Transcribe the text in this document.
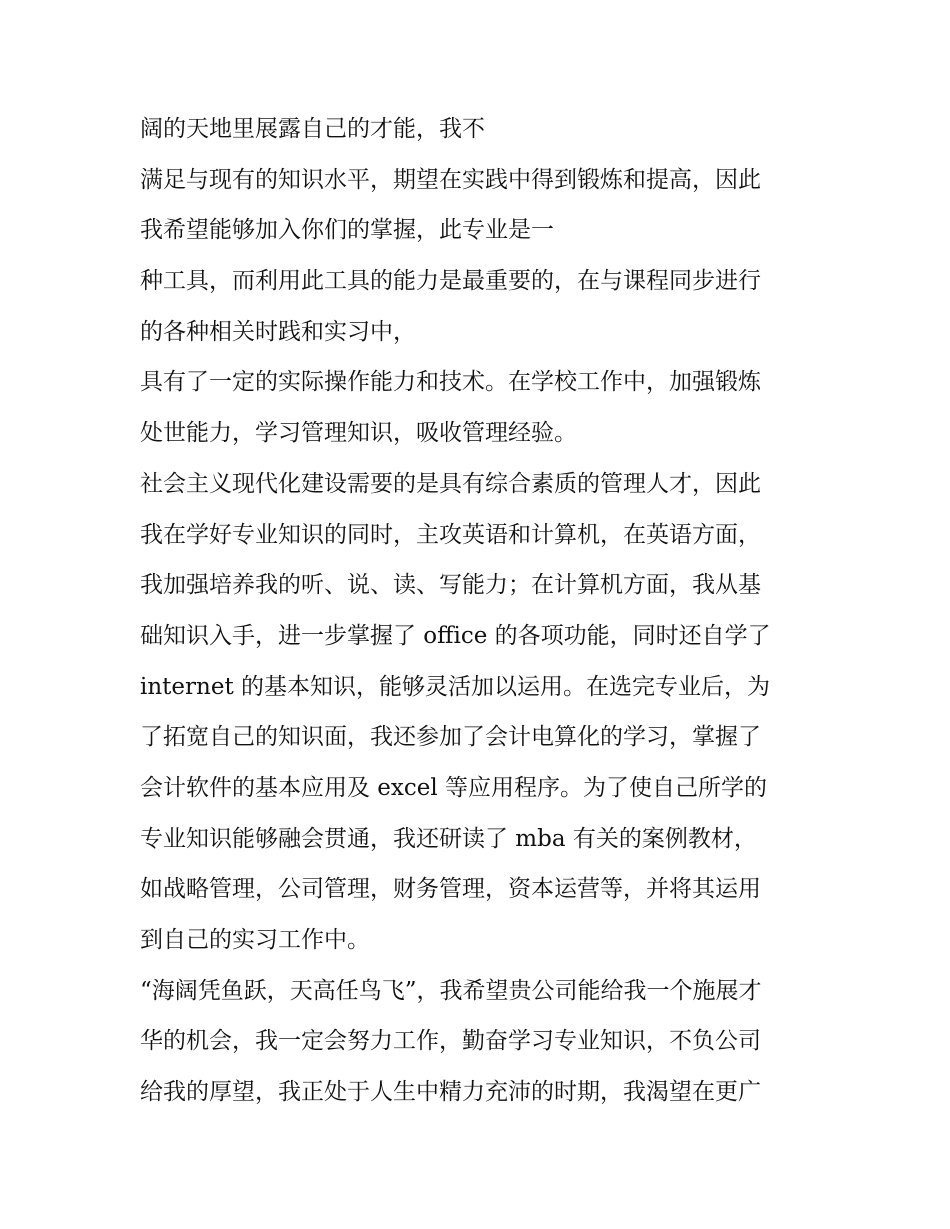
阔的天地里展露自己的才能，我不
满足与现有的知识水平，期望在实践中得到锻炼和提高，因此
我希望能够加入你们的掌握，此专业是一
种工具，而利用此工具的能力是最重要的，在与课程同步进行
的各种相关时践和实习中，
具有了一定的实际操作能力和技术。在学校工作中，加强锻炼
处世能力，学习管理知识，吸收管理经验。
社会主义现代化建设需要的是具有综合素质的管理人才，因此
我在学好专业知识的同时，主攻英语和计算机，在英语方面，
我加强培养我的听、说、读、写能力；在计算机方面，我从基
础知识入手，进一步掌握了 office 的各项功能，同时还自学了
internet 的基本知识，能够灵活加以运用。在选完专业后，为
了拓宽自己的知识面，我还参加了会计电算化的学习，掌握了
会计软件的基本应用及 excel 等应用程序。为了使自己所学的
专业知识能够融会贯通，我还研读了 mba 有关的案例教材，
如战略管理，公司管理，财务管理，资本运营等，并将其运用
到自己的实习工作中。
“海阔凭鱼跃，天高任鸟飞”，我希望贵公司能给我一个施展才
华的机会，我一定会努力工作，勤奋学习专业知识，不负公司
给我的厚望，我正处于人生中精力充沛的时期，我渴望在更广
